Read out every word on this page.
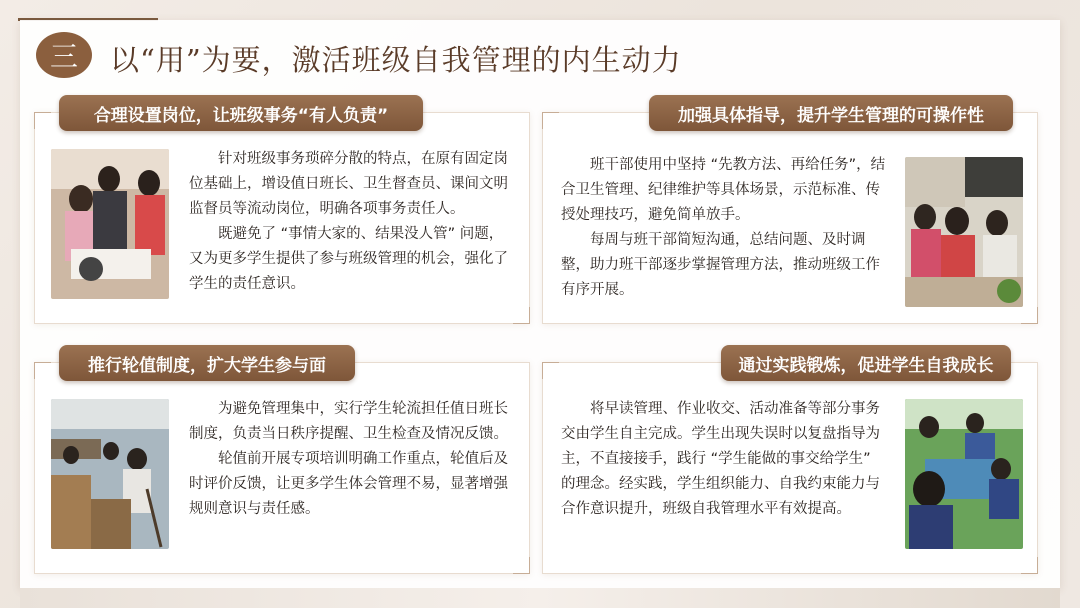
三	以“用”为要，激活班级自我管理的内生动力
合理设置岗位，让班级事务“有人负责”

针对班级事务琐碎分散的特点，在原有固定岗位基础上，增设值日班长、卫生督查员、课间文明监督员等流动岗位，明确各项事务责任人。

既避免了 “事情大家的、结果没人管” 问题，又为更多学生提供了参与班级管理的机会，强化了学生的责任意识。

加强具体指导，提升学生管理的可操作性

班干部使用中坚持 “先教方法、再给任务”，结合卫生管理、纪律维护等具体场景，示范标准、传授处理技巧，避免简单放手。

每周与班干部简短沟通，总结问题、及时调整，助力班干部逐步掌握管理方法，推动班级工作有序开展。

推行轮值制度，扩大学生参与面

为避免管理集中，实行学生轮流担任值日班长制度，负责当日秩序提醒、卫生检查及情况反馈。

轮值前开展专项培训明确工作重点，轮值后及时评价反馈，让更多学生体会管理不易，显著增强规则意识与责任感。

通过实践锻炼，促进学生自我成长

将早读管理、作业收交、活动准备等部分事务交由学生自主完成。学生出现失误时以复盘指导为主，不直接接手，践行 “学生能做的事交给学生” 的理念。经实践，学生组织能力、自我约束能力与合作意识提升，班级自我管理水平有效提高。
